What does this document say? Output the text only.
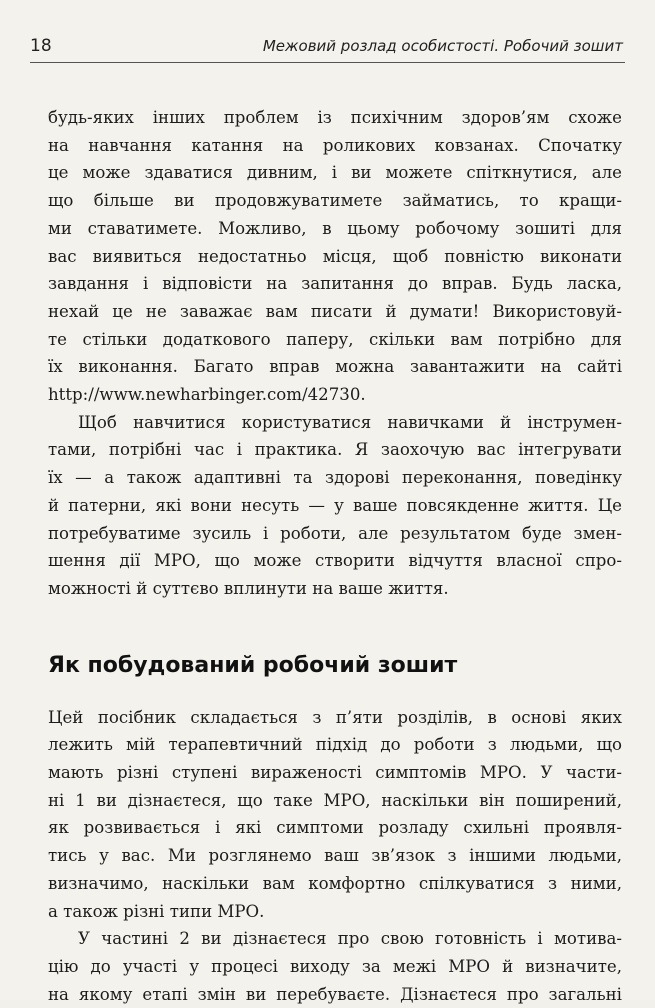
18	Межовий розлад особистості. Робочий зошит

будь-яких інших проблем із психічним здоров’ям схоже
на навчання катання на роликових ковзанах. Спочатку
це може здаватися дивним, і ви можете спіткнутися, але
що більше ви продовжуватимете займатись, то кращи-
ми ставатимете. Можливо, в цьому робочому зошиті для
вас виявиться недостатньо місця, щоб повністю виконати
завдання і відповісти на запитання до вправ. Будь ласка,
нехай це не заважає вам писати й думати! Використовуй-
те стільки додаткового паперу, скільки вам потрібно для
їх виконання. Багато вправ можна завантажити на сайті
http://www.newharbinger.com/42730.

Щоб навчитися користуватися навичками й інструмен-
тами, потрібні час і практика. Я заохочую вас інтегрувати
їх — а також адаптивні та здорові переконання, поведінку
й патерни, які вони несуть — у ваше повсякденне життя. Це
потребуватиме зусиль і роботи, але результатом буде змен-
шення дії МРО, що може створити відчуття власної спро-
можності й суттєво вплинути на ваше життя.

Як побудований робочий зошит

Цей посібник складається з п’яти розділів, в основі яких
лежить мій терапевтичний підхід до роботи з людьми, що
мають різні ступені вираженості симптомів МРО. У части-
ні 1 ви дізнаєтеся, що таке МРО, наскільки він поширений,
як розвивається і які симптоми розладу схильні проявля-
тись у вас. Ми розглянемо ваш зв’язок з іншими людьми,
визначимо, наскільки вам комфортно спілкуватися з ними,
а також різні типи МРО.

У частині 2 ви дізнаєтеся про свою готовність і мотива-
цію до участі у процесі виходу за межі МРО й визначите,
на якому етапі змін ви перебуваєте. Дізнаєтеся про загальні
